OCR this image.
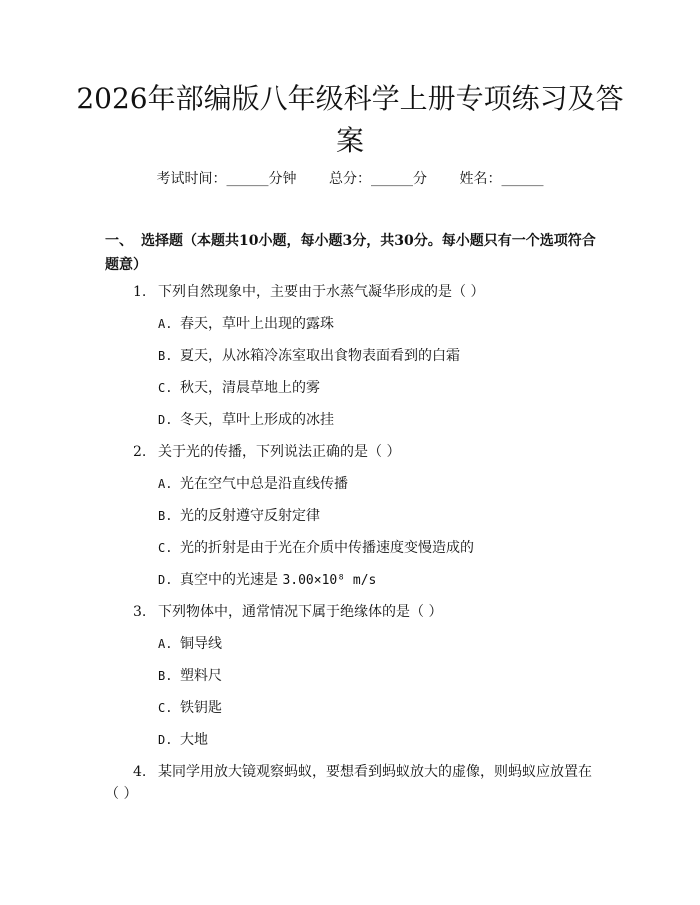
2026年部编版八年级科学上册专项练习及答案
考试时间：______分钟 总分：______分 姓名：______
一、 选择题（本题共10小题，每小题3分，共30分。每小题只有一个选项符合题意）
1. 下列自然现象中，主要由于水蒸气凝华形成的是（ ）
A. 春天，草叶上出现的露珠
B. 夏天，从冰箱冷冻室取出食物表面看到的白霜
C. 秋天，清晨草地上的雾
D. 冬天，草叶上形成的冰挂
2. 关于光的传播，下列说法正确的是（ ）
A. 光在空气中总是沿直线传播
B. 光的反射遵守反射定律
C. 光的折射是由于光在介质中传播速度变慢造成的
D. 真空中的光速是 3.00×10⁸ m/s
3. 下列物体中，通常情况下属于绝缘体的是（ ）
A. 铜导线
B. 塑料尺
C. 铁钥匙
D. 大地
4. 某同学用放大镜观察蚂蚁，要想看到蚂蚁放大的虚像，则蚂蚁应放置在
（ ）
